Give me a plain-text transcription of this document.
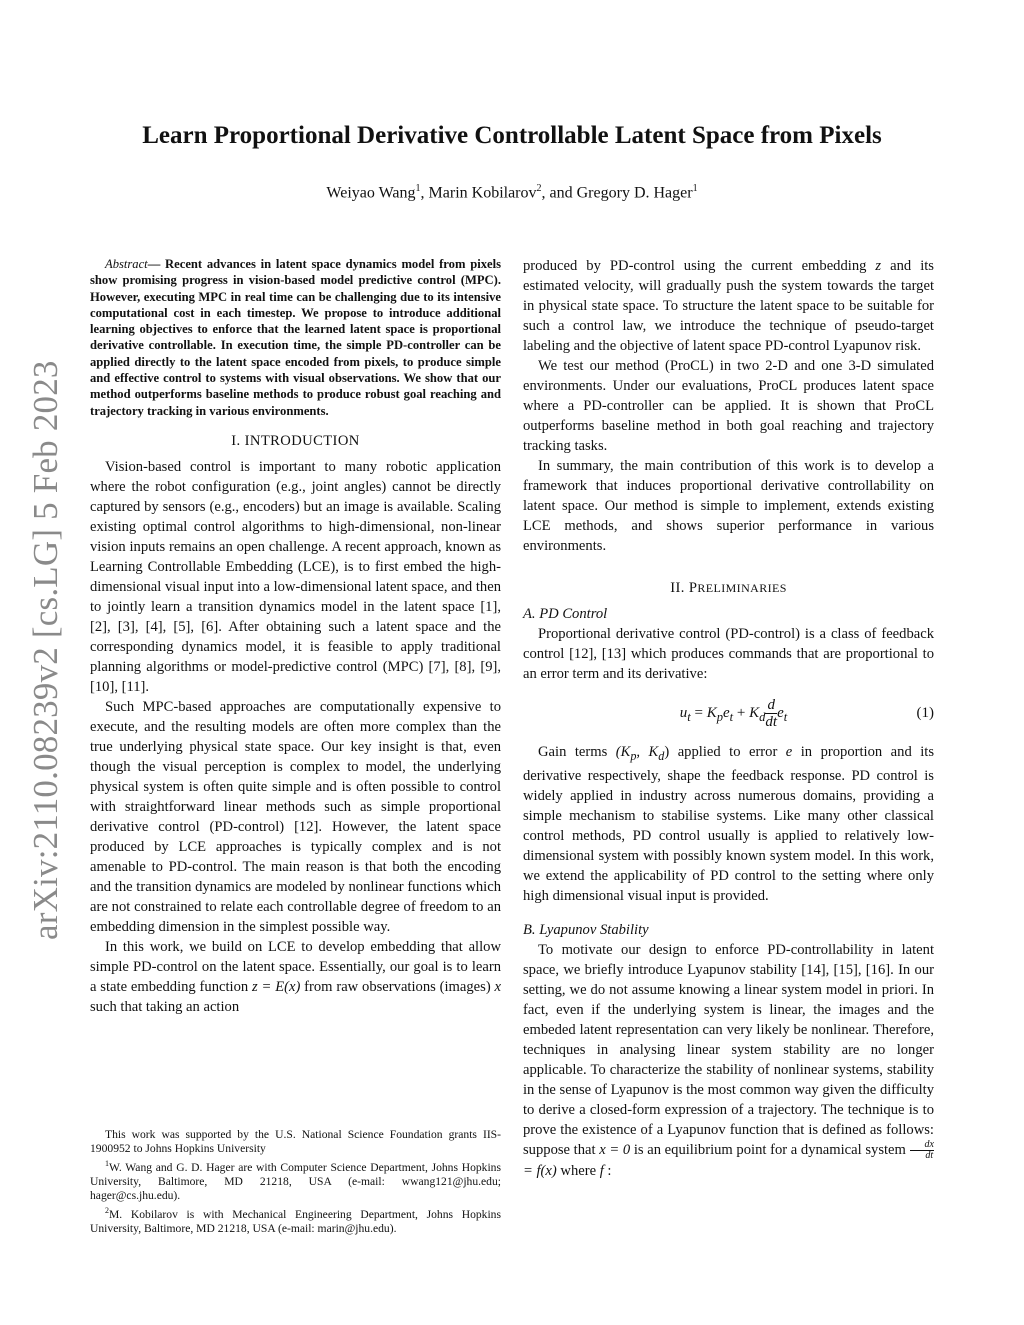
arXiv:2110.08239v2 [cs.LG] 5 Feb 2023
Learn Proportional Derivative Controllable Latent Space from Pixels
Weiyao Wang$^1$, Marin Kobilarov$^2$, and Gregory D. Hager$^1$

Abstract— Recent advances in latent space dynamics model from pixels show promising progress in vision-based model predictive control (MPC). However, executing MPC in real time can be challenging due to its intensive computational cost in each timestep. We propose to introduce additional learning objectives to enforce that the learned latent space is proportional derivative controllable. In execution time, the simple PD-controller can be applied directly to the latent space encoded from pixels, to produce simple and effective control to systems with visual observations. We show that our method outperforms baseline methods to produce robust goal reaching and trajectory tracking in various environments.

I. INTRODUCTION

Vision-based control is important to many robotic application where the robot configuration (e.g., joint angles) cannot be directly captured by sensors (e.g., encoders) but an image is available. Scaling existing optimal control algorithms to high-dimensional, non-linear vision inputs remains an open challenge. A recent approach, known as Learning Controllable Embedding (LCE), is to first embed the high-dimensional visual input into a low-dimensional latent space, and then to jointly learn a transition dynamics model in the latent space [1], [2], [3], [4], [5], [6]. After obtaining such a latent space and the corresponding dynamics model, it is feasible to apply traditional planning algorithms or model-predictive control (MPC) [7], [8], [9], [10], [11].

Such MPC-based approaches are computationally expensive to execute, and the resulting models are often more complex than the true underlying physical state space. Our key insight is that, even though the visual perception is complex to model, the underlying physical system is often quite simple and is often possible to control with straightforward linear methods such as simple proportional derivative control (PD-control) [12]. However, the latent space produced by LCE approaches is typically complex and is not amenable to PD-control. The main reason is that both the encoding and the transition dynamics are modeled by nonlinear functions which are not constrained to relate each controllable degree of freedom to an embedding dimension in the simplest possible way.

In this work, we build on LCE to develop embedding that allow simple PD-control on the latent space. Essentially, our goal is to learn a state embedding function z = E(x) from raw observations (images) x such that taking an action

This work was supported by the U.S. National Science Foundation grants IIS-1900952 to Johns Hopkins University

$^1$W. Wang and G. D. Hager are with Computer Science Department, Johns Hopkins University, Baltimore, MD 21218, USA (e-mail: wwang121@jhu.edu; hager@cs.jhu.edu).

$^2$M. Kobilarov is with Mechanical Engineering Department, Johns Hopkins University, Baltimore, MD 21218, USA (e-mail: marin@jhu.edu).

produced by PD-control using the current embedding z and its estimated velocity, will gradually push the system towards the target in physical state space. To structure the latent space to be suitable for such a control law, we introduce the technique of pseudo-target labeling and the objective of latent space PD-control Lyapunov risk.

We test our method (ProCL) in two 2-D and one 3-D simulated environments. Under our evaluations, ProCL produces latent space where a PD-controller can be applied. It is shown that ProCL outperforms baseline method in both goal reaching and trajectory tracking tasks.

In summary, the main contribution of this work is to develop a framework that induces proportional derivative controllability on latent space. Our method is simple to implement, extends existing LCE methods, and shows superior performance in various environments.

II. PRELIMINARIES

A. PD Control

Proportional derivative control (PD-control) is a class of feedback control [12], [13] which produces commands that are proportional to an error term and its derivative:

$u_t = K_pe_t + K_d \frac{d}{dt} e_t$	(1)

Gain terms ($K_p$, $K_d$) applied to error e in proportion and its derivative respectively, shape the feedback response. PD control is widely applied in industry across numerous domains, providing a simple mechanism to stabilise systems. Like many other classical control methods, PD control usually is applied to relatively low-dimensional system with possibly known system model. In this work, we extend the applicability of PD control to the setting where only high dimensional visual input is provided.

B. Lyapunov Stability

To motivate our design to enforce PD-controllability in latent space, we briefly introduce Lyapunov stability [14], [15], [16]. In our setting, we do not assume knowing a linear system model in priori. In fact, even if the underlying system is linear, the images and the embeded latent representation can very likely be nonlinear. Therefore, techniques in analysing linear system stability are no longer applicable. To characterize the stability of nonlinear systems, stability in the sense of Lyapunov is the most common way given the difficulty to derive a closed-form expression of a trajectory. The technique is to prove the existence of a Lyapunov function that is defined as follows: suppose that x = 0 is an equilibrium point for a dynamical system $\frac{dx}{dt}$
= f(x) where f :
